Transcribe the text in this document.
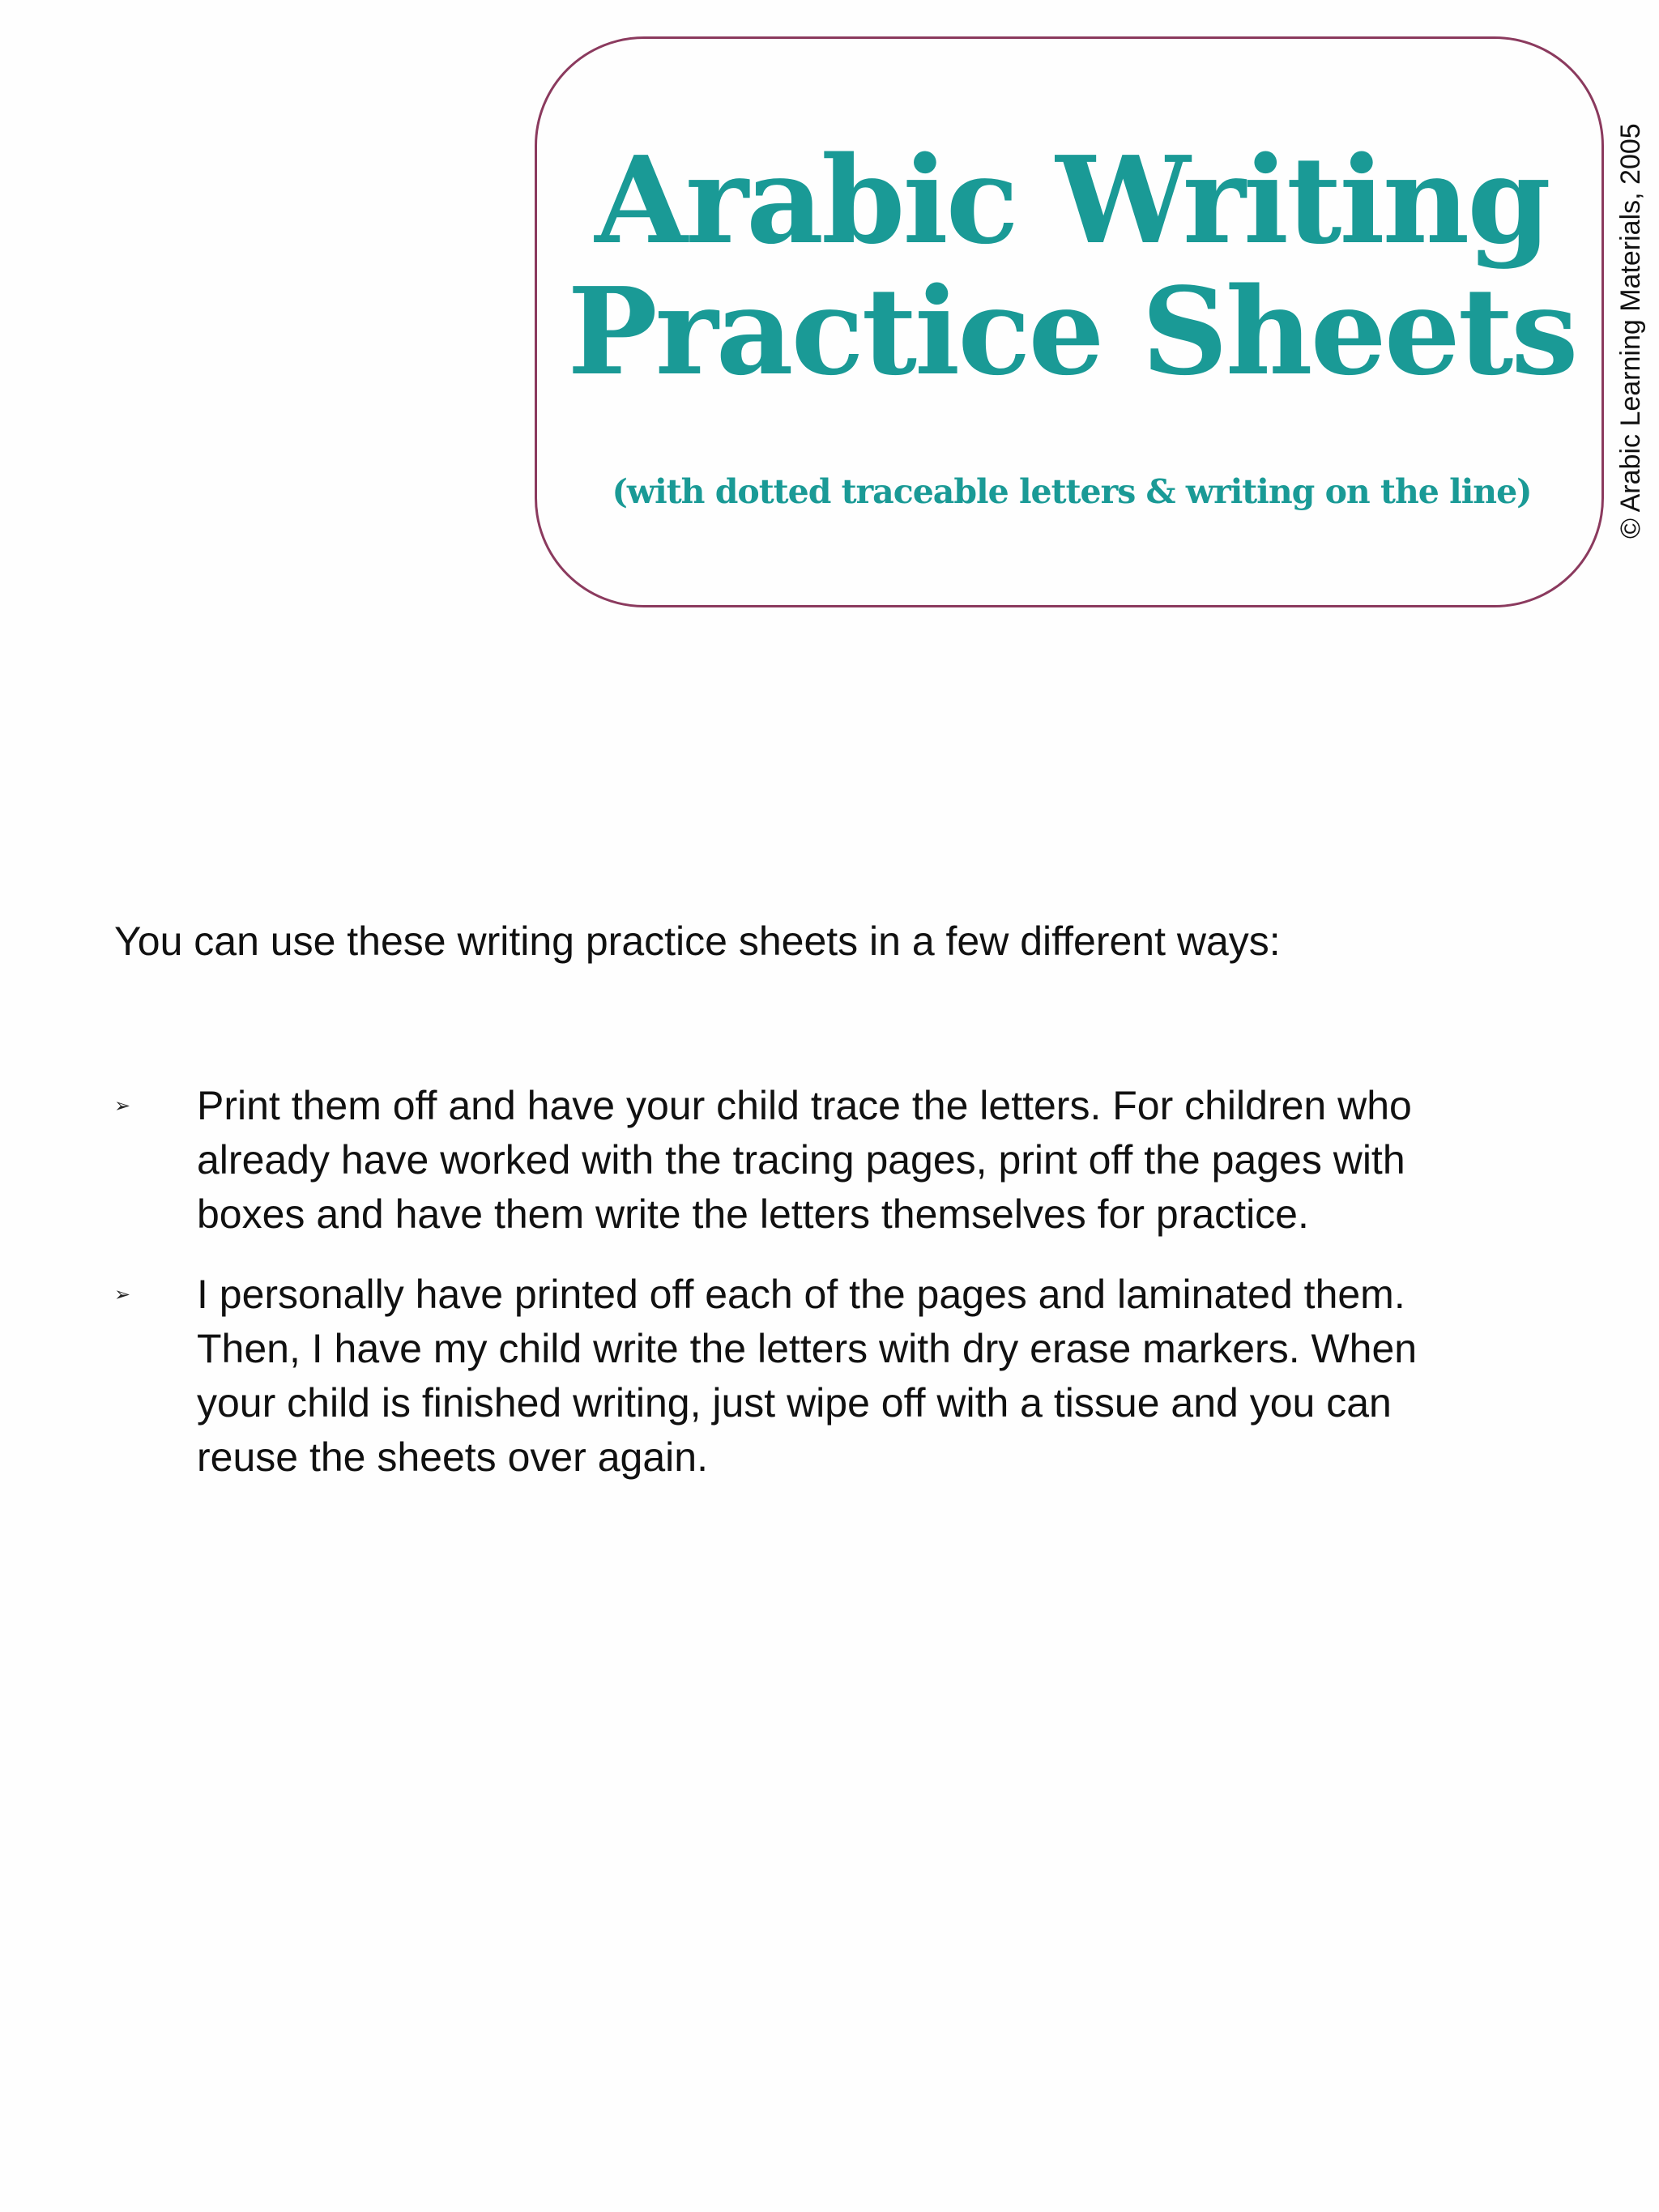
Arabic Writing
Practice Sheets
(with dotted traceable letters & writing on the line)	© Arabic Learning Materials, 2005
You can use these writing practice sheets in a few different ways:
➢ Print them off and have your child trace the letters. For children who
already have worked with the tracing pages, print off the pages with
boxes and have them write the letters themselves for practice.
➢ I personally have printed off each of the pages and laminated them.
Then, I have my child write the letters with dry erase markers. When
your child is finished writing, just wipe off with a tissue and you can
reuse the sheets over again.
